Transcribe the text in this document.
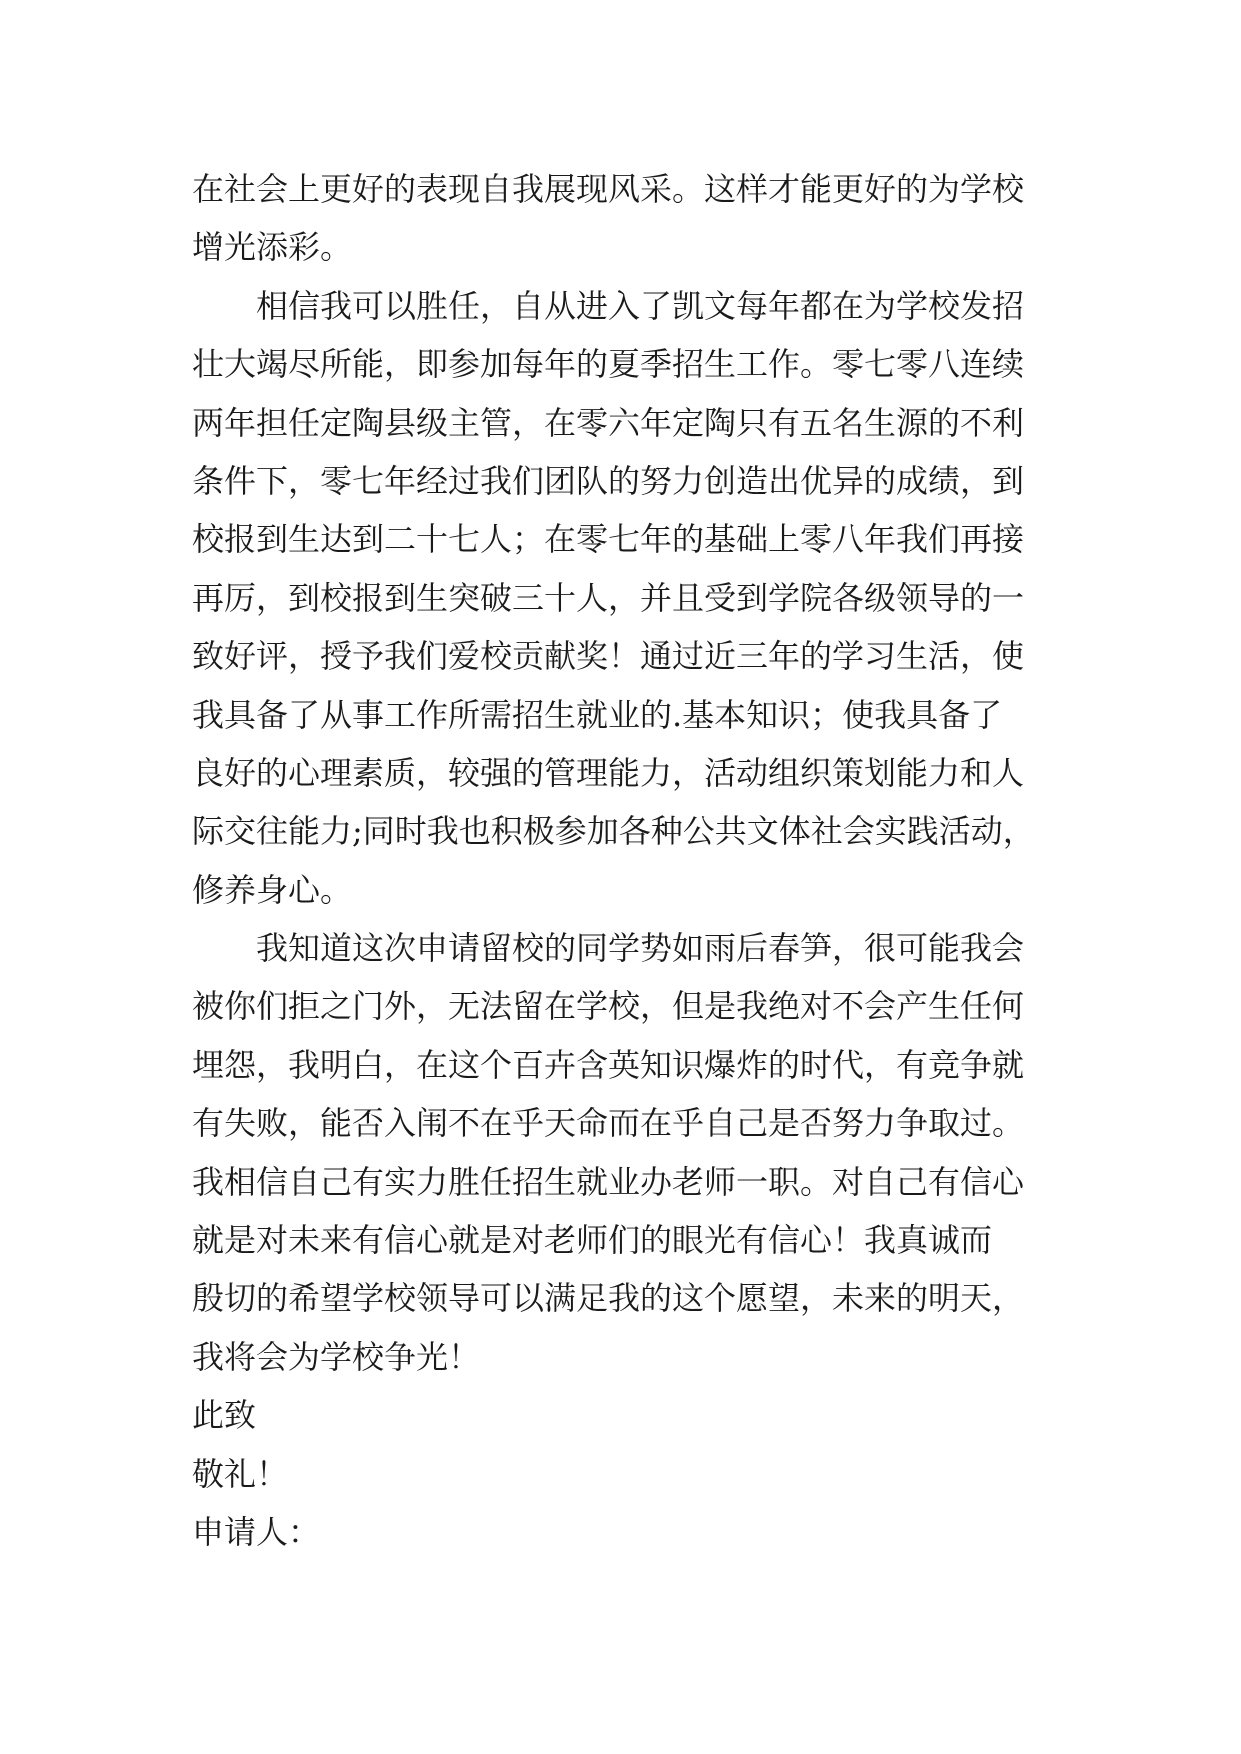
在社会上更好的表现自我展现风采。这样才能更好的为学校
增光添彩。
相信我可以胜任，自从进入了凯文每年都在为学校发招
壮大竭尽所能，即参加每年的夏季招生工作。零七零八连续
两年担任定陶县级主管，在零六年定陶只有五名生源的不利
条件下，零七年经过我们团队的努力创造出优异的成绩，到
校报到生达到二十七人；在零七年的基础上零八年我们再接
再厉，到校报到生突破三十人，并且受到学院各级领导的一
致好评，授予我们爱校贡献奖！通过近三年的学习生活，使
我具备了从事工作所需招生就业的.基本知识；使我具备了
良好的心理素质，较强的管理能力，活动组织策划能力和人
际交往能力;同时我也积极参加各种公共文体社会实践活动，
修养身心。
我知道这次申请留校的同学势如雨后春笋，很可能我会
被你们拒之门外，无法留在学校，但是我绝对不会产生任何
埋怨，我明白，在这个百卉含英知识爆炸的时代，有竞争就
有失败，能否入闱不在乎天命而在乎自己是否努力争取过。
我相信自己有实力胜任招生就业办老师一职。对自己有信心
就是对未来有信心就是对老师们的眼光有信心！我真诚而
殷切的希望学校领导可以满足我的这个愿望，未来的明天，
我将会为学校争光！
此致
敬礼！
申请人：
